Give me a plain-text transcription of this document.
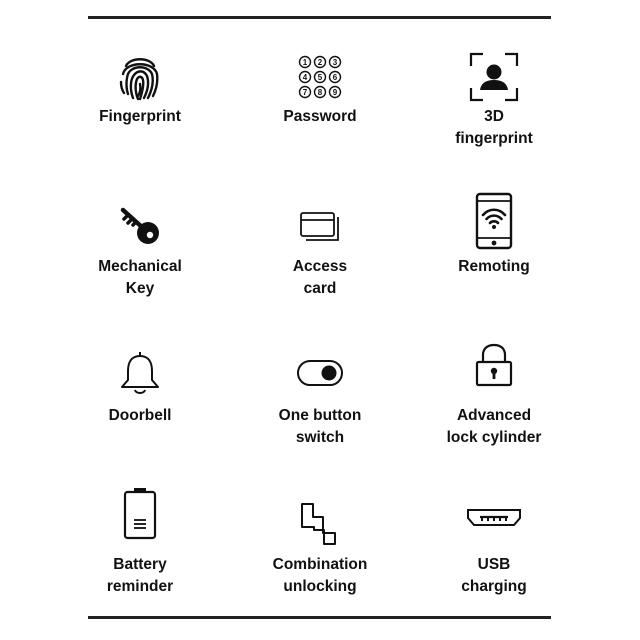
Fingerprint
1 2 3
4 5 6
7 8 9
Password	3D
fingerprint
Mechanical
Key
Access
card
Remoting
Doorbell	One button
switch
Advanced
lock cylinder
Battery
reminder
Combination
unlocking
USB
charging
